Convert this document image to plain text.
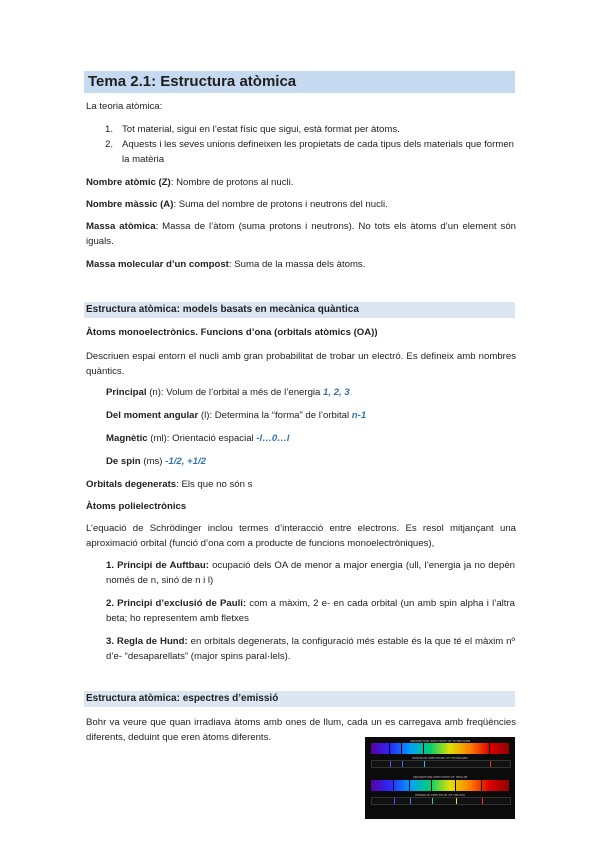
Tema 2.1: Estructura atòmica
La teoria atòmica:
1. Tot material, sigui en l’estat físic que sigui, està format per àtoms.
2. Aquests i les seves unions defineixen les propietats de cada tipus dels materials que formen la matèria
Nombre atòmic (Z): Nombre de protons al nucli.
Nombre màssic (A): Suma del nombre de protons i neutrons del nucli.
Massa atòmica: Massa de l’àtom (suma protons i neutrons). No tots els àtoms d’un element són iguals.
Massa molecular d’un compost: Suma de la massa dels àtoms.
Estructura atòmica: models basats en mecànica quàntica
Àtoms monoelectrònics. Funcions d’ona (orbitals atòmics (OA))
Descriuen espai entorn el nucli amb gran probabilitat de trobar un electró. Es defineix amb nombres quàntics.
Principal (n): Volum de l’orbital a més de l’energia 1, 2, 3
Del moment angular (l): Determina la “forma” de l’orbital n-1
Magnètic (ml): Orientació espacial -l…0…l
De spin (ms) -1/2, +1/2
Orbitals degenerats: Els que no són s
Àtoms polielectrònics
L’equació de Schrödinger inclou termes d’interacció entre electrons. Es resol mitjançant una aproximació orbital (funció d’ona com a producte de funcions monoelectròniques),
1. Principi de Auftbau: ocupació dels OA de menor a major energia (ull, l’energia ja no depèn només de n, sinó de n i l)
2. Principi d’exclusió de Pauli: com a màxim, 2 e- en cada orbital (un amb spin alpha i l’altra beta; ho representem amb fletxes
3. Regla de Hund: en orbitals degenerats, la configuració més estable és la que té el màxim nº d’e- “desaparellats” (major spins paral·lels).
Estructura atòmica: espectres d’emissió
Bohr va veure que quan irradiava àtoms amb ones de llum, cada un es carregava amb freqüències diferents, deduint que eren àtoms diferents.	ABSORPTION SPECTRUM OF HYDROGEN
EMISSION SPECTRUM OF HYDROGEN
ABSORPTION SPECTRUM OF HELIUM
EMISSION SPECTRUM OF HELIUM
